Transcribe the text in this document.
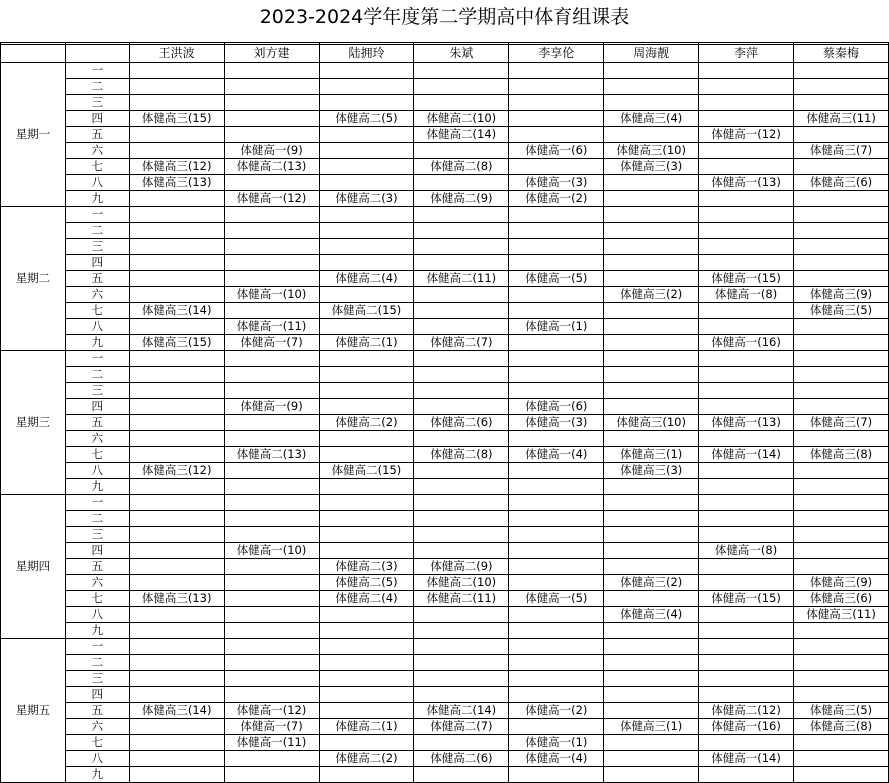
2023-2024学年度第二学期高中体育组课表

		王洪波	刘方建	陆拥玲	朱斌	李享伦	周海靓	李萍	蔡秦梅
星期一	一								
	二								
	三								
	四	体健高三(15)		体健高二(5)	体健高二(10)		体健高三(4)		体健高三(11)
	五				体健高二(14)			体健高一(12)	
	六		体健高一(9)			体健高一(6)	体健高三(10)		体健高三(7)
	七	体健高三(12)	体健高二(13)		体健高二(8)		体健高三(3)		
	八	体健高三(13)				体健高一(3)		体健高一(13)	体健高三(6)
	九		体健高一(12)	体健高二(3)	体健高二(9)	体健高一(2)			
星期二	一								
	二								
	三								
	四								
	五			体健高二(4)	体健高二(11)	体健高一(5)		体健高一(15)	
	六		体健高一(10)				体健高三(2)	体健高一(8)	体健高三(9)
	七	体健高三(14)		体健高二(15)					体健高三(5)
	八		体健高一(11)			体健高一(1)			
	九	体健高三(15)	体健高一(7)	体健高二(1)	体健高二(7)			体健高一(16)	
星期三	一								
	二								
	三								
	四		体健高一(9)			体健高一(6)			
	五			体健高二(2)	体健高二(6)	体健高一(3)	体健高三(10)	体健高一(13)	体健高三(7)
	六								
	七		体健高二(13)		体健高二(8)	体健高一(4)	体健高三(1)	体健高一(14)	体健高三(8)
	八	体健高三(12)		体健高二(15)			体健高三(3)		
	九								
星期四	一								
	二								
	三								
	四		体健高一(10)					体健高一(8)	
	五			体健高二(3)	体健高二(9)				
	六			体健高二(5)	体健高二(10)		体健高三(2)		体健高三(9)
	七	体健高三(13)		体健高二(4)	体健高二(11)	体健高一(5)		体健高一(15)	体健高三(6)
	八						体健高三(4)		体健高三(11)
	九								
星期五	一								
	二								
	三								
	四								
	五	体健高三(14)	体健高一(12)		体健高二(14)	体健高一(2)		体健高二(12)	体健高三(5)
	六		体健高一(7)	体健高二(1)	体健高二(7)		体健高三(1)	体健高一(16)	体健高三(8)
	七		体健高一(11)			体健高一(1)			
	八			体健高二(2)	体健高二(6)	体健高一(4)		体健高一(14)	
	九								
